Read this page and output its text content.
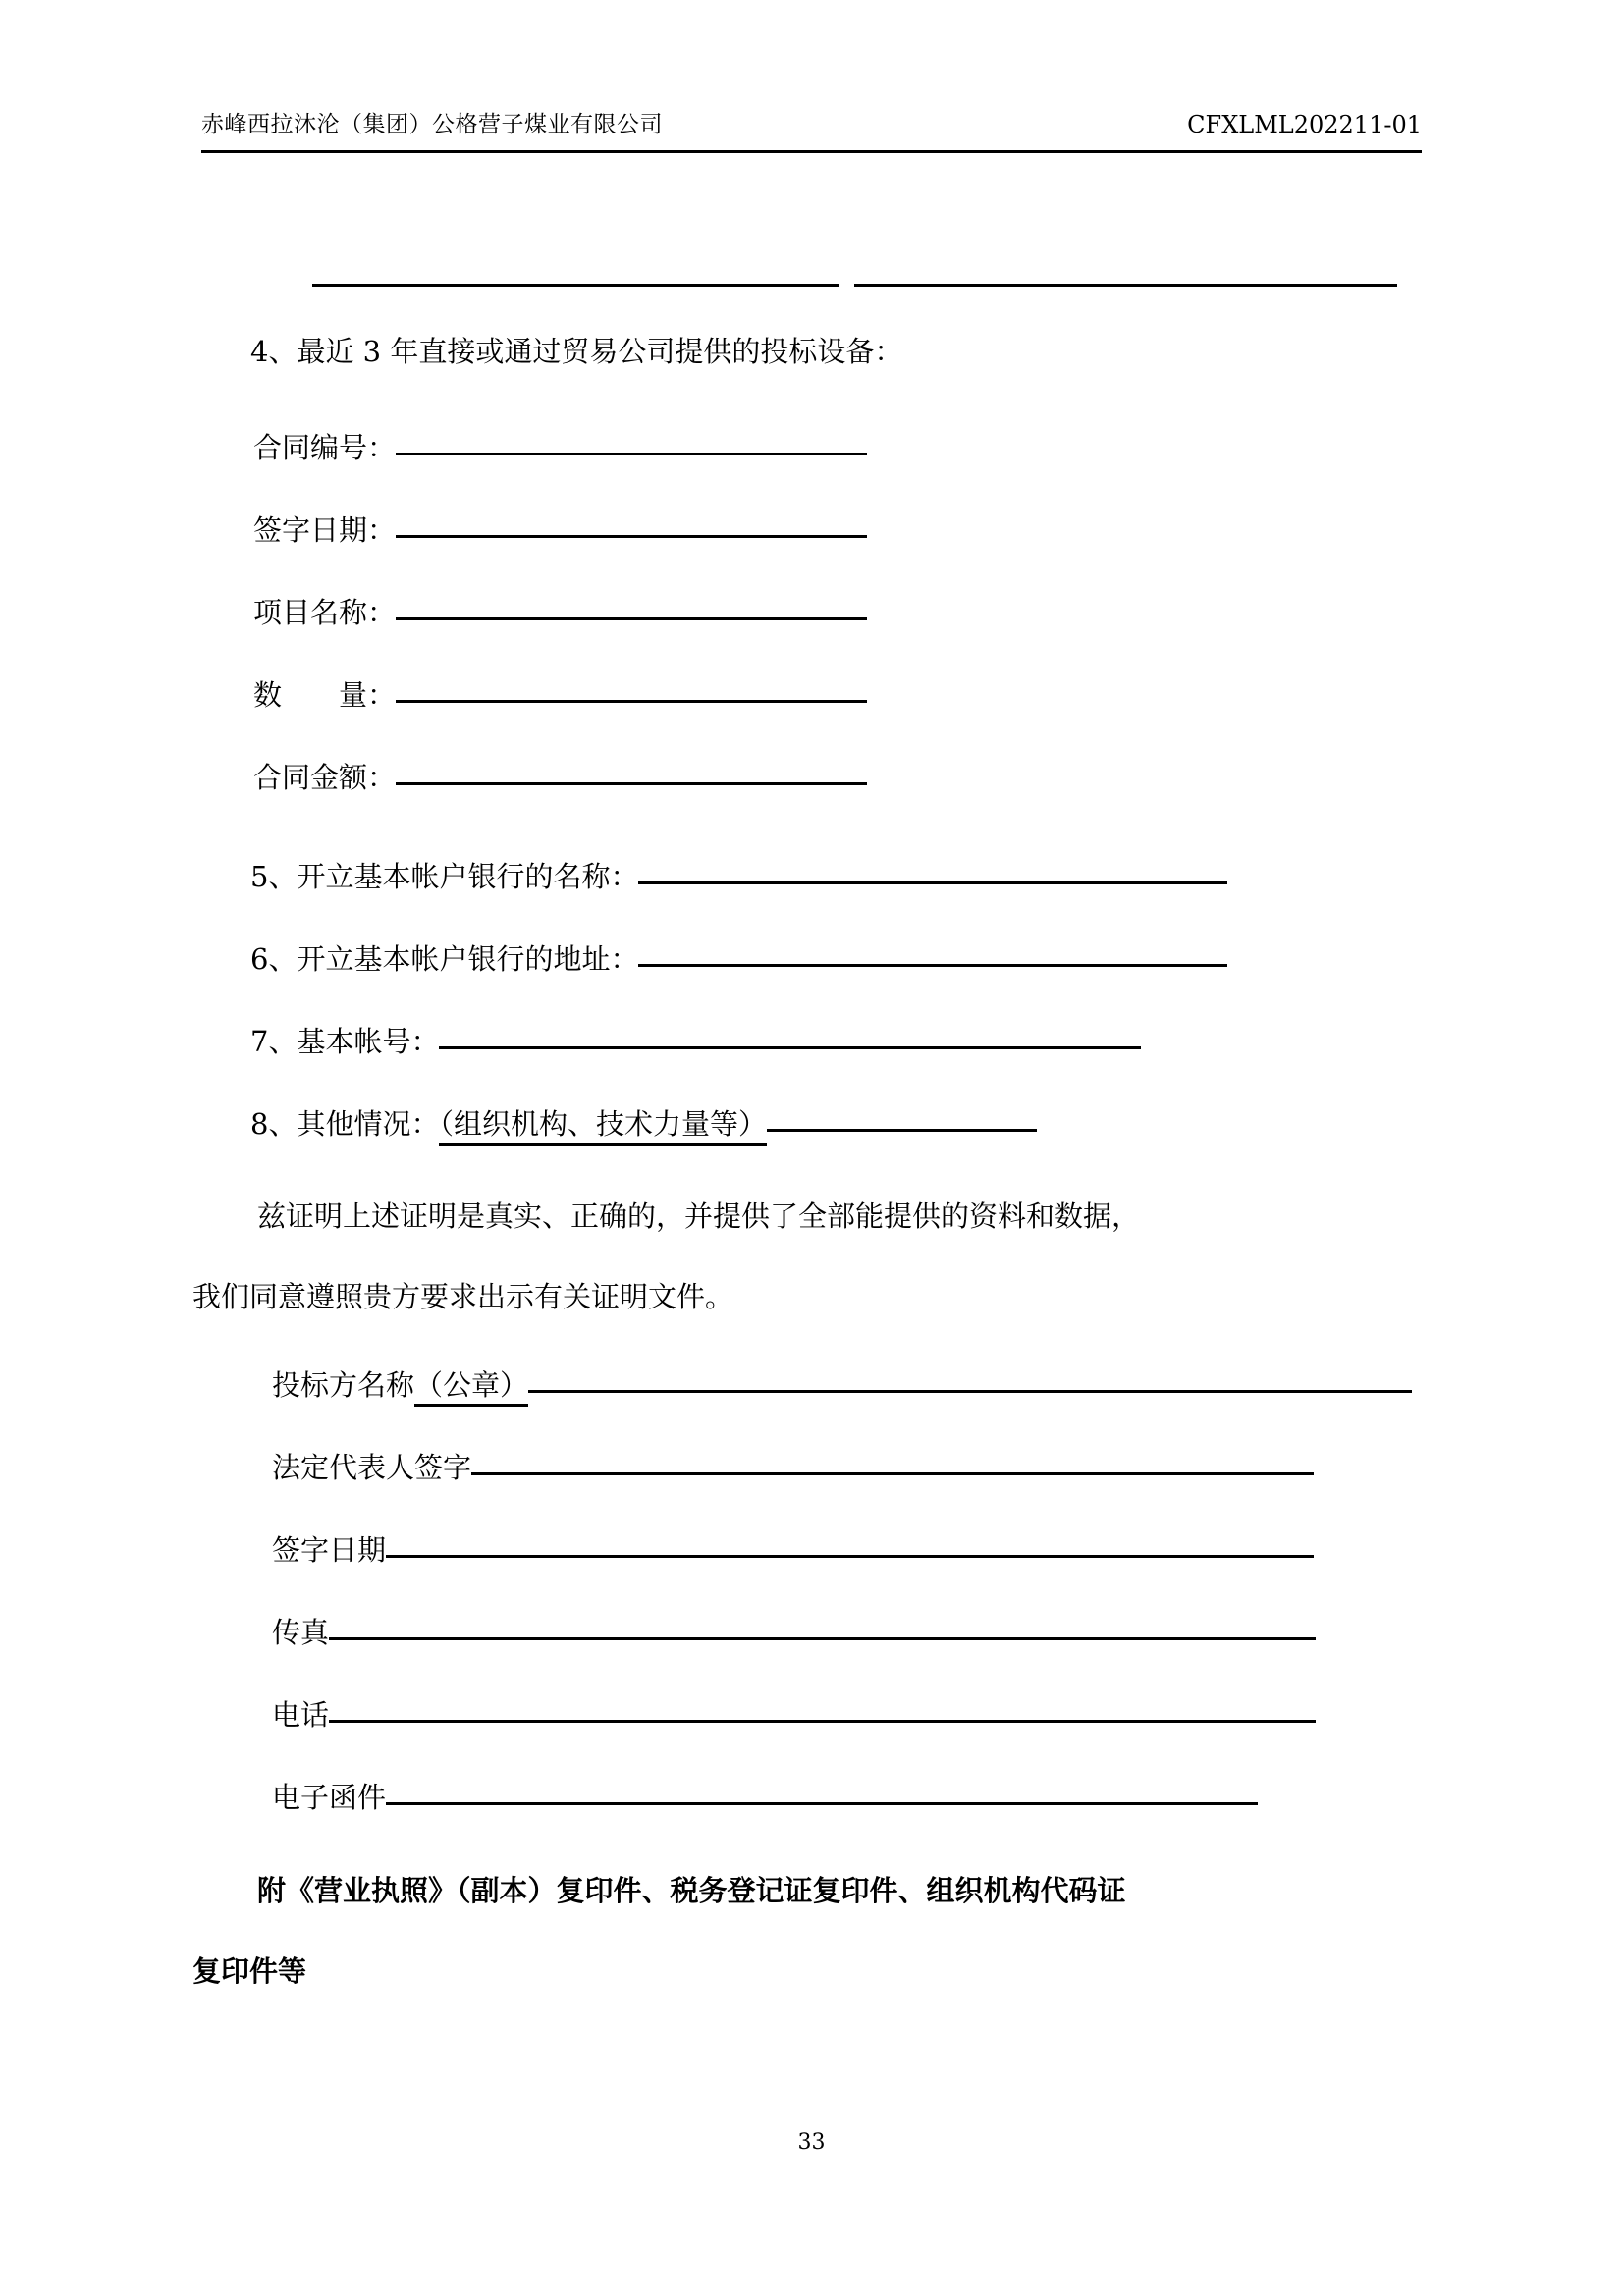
赤峰西拉沐沦（集团）公格营子煤业有限公司	CFXLML202211-01
4、最近 3 年直接或通过贸易公司提供的投标设备：
合同编号：
签字日期：
项目名称：
数 量：
合同金额：
5、开立基本帐户银行的名称：
6、开立基本帐户银行的地址：
7、基本帐号：
8、其他情况：（组织机构、技术力量等）
兹证明上述证明是真实、正确的，并提供了全部能提供的资料和数据，
我们同意遵照贵方要求出示有关证明文件。
投标方名称（公章）
法定代表人签字
签字日期
传真
电话
电子函件
附《营业执照》（副本）复印件、税务登记证复印件、组织机构代码证
复印件等
33
